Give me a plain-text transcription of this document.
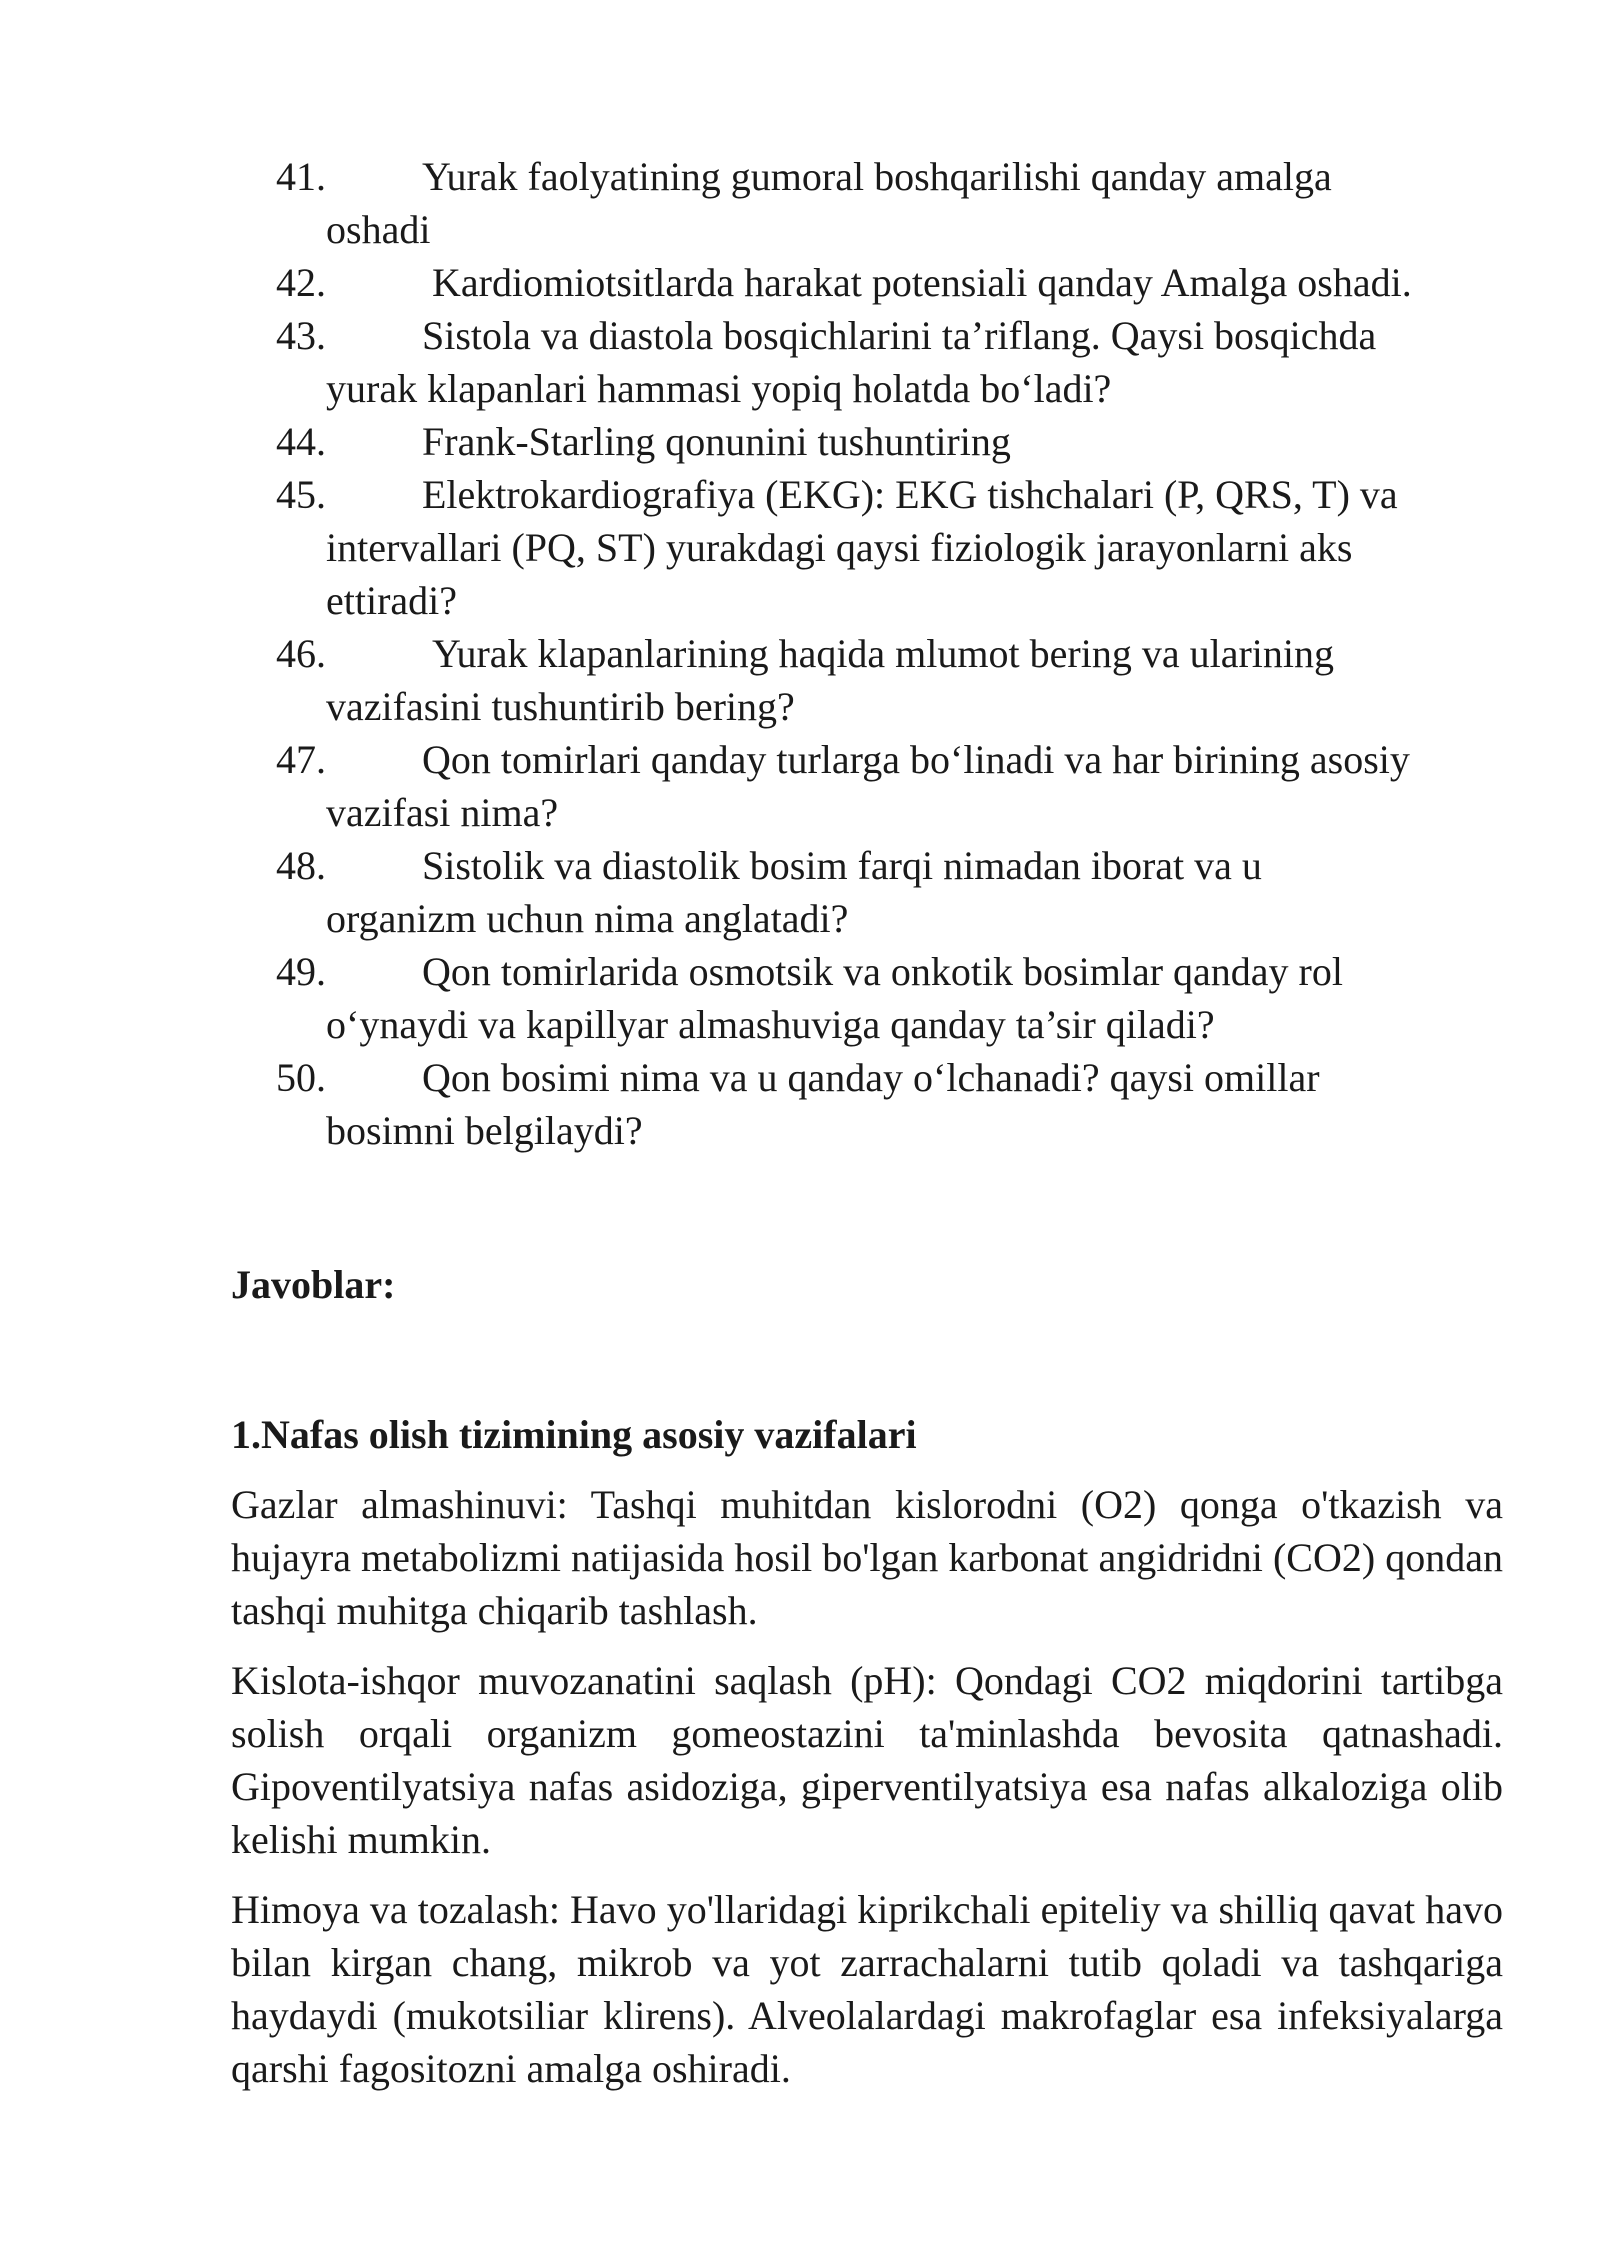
41.	Yurak faolyatining gumoral boshqarilishi qanday amalga
oshadi
42.	Kardiomiotsitlarda harakat potensiali qanday Amalga oshadi.
43.	Sistola va diastola bosqichlarini ta’riflang. Qaysi bosqichda
yurak klapanlari hammasi yopiq holatda bo‘ladi?
44.	Frank-Starling qonunini tushuntiring
45.	Elektrokardiografiya (EKG): EKG tishchalari (P, QRS, T) va
intervallari (PQ, ST) yurakdagi qaysi fiziologik jarayonlarni aks
ettiradi?
46.	Yurak klapanlarining haqida mlumot bering va ularining
vazifasini tushuntirib bering?
47.	Qon tomirlari qanday turlarga bo‘linadi va har birining asosiy
vazifasi nima?
48.	Sistolik va diastolik bosim farqi nimadan iborat va u
organizm uchun nima anglatadi?
49.	Qon tomirlarida osmotsik va onkotik bosimlar qanday rol
o‘ynaydi va kapillyar almashuviga qanday ta’sir qiladi?
50.	Qon bosimi nima va u qanday o‘lchanadi? qaysi omillar
bosimni belgilaydi?
Javoblar:
1.Nafas olish tizimining asosiy vazifalari

Gazlar almashinuvi: Tashqi muhitdan kislorodni (O2) qonga o'tkazish va hujayra metabolizmi natijasida hosil bo'lgan karbonat angidridni (CO2) qondan tashqi muhitga chiqarib tashlash.

Kislota-ishqor muvozanatini saqlash (pH): Qondagi CO2 miqdorini tartibga solish orqali organizm gomeostazini ta'minlashda bevosita qatnashadi. Gipoventilyatsiya nafas asidoziga, giperventilyatsiya esa nafas alkaloziga olib kelishi mumkin.

Himoya va tozalash: Havo yo'llaridagi kiprikchali epiteliy va shilliq qavat havo bilan kirgan chang, mikrob va yot zarrachalarni tutib qoladi va tashqariga haydaydi (mukotsiliar klirens). Alveolalardagi makrofaglar esa infeksiyalarga qarshi fagositozni amalga oshiradi.
